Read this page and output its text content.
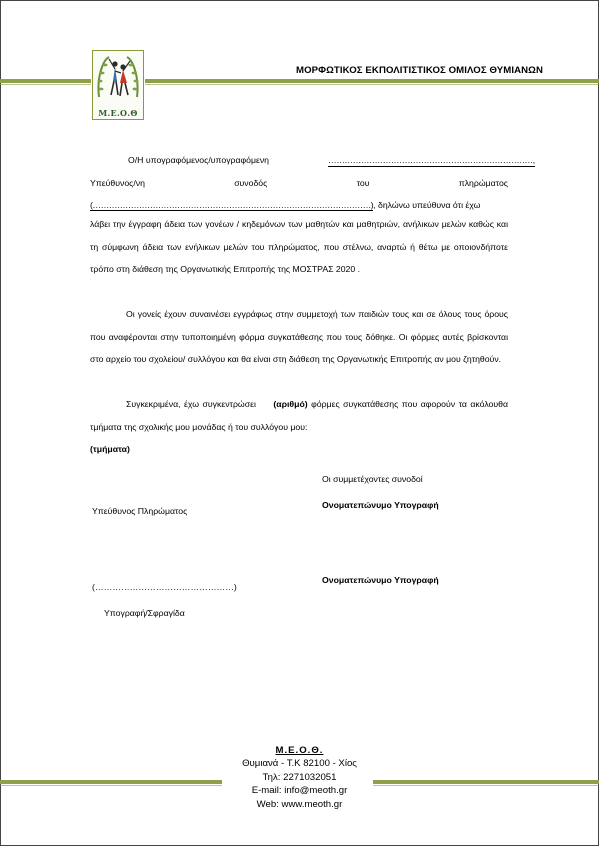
Μ.Ε.Ο.Θ
ΜΟΡΦΩΤΙΚΟΣ ΕΚΠΟΛΙΤΙΣΤΙΚΟΣ ΟΜΙΛΟΣ ΘΥΜΙΑΝΩΝ
Ο/Η υπογραφόμενος/υπογραφόμενη	…………………………………………………………………,
Υπεύθυνος/νη	συνοδός	του	πληρώματος
(…………………………………………………………………………………………), δηλώνω υπεύθυνα ότι έχω
λάβει την έγγραφη άδεια των γονέων / κηδεμόνων των μαθητών και μαθητριών, ανήλικων μελών καθώς και τη σύμφωνη άδεια των ενήλικων μελών του πληρώματος, που στέλνω, αναρτώ ή θέτω με οποιονδήποτε τρόπο στη διάθεση της Οργανωτικής Επιτροπής της ΜΟΣΤΡΑΣ 2020 .
Οι γονείς έχουν συναινέσει εγγράφως στην συμμετοχή των παιδιών τους και σε όλους τους όρους που αναφέρονται στην τυποποιημένη φόρμα συγκατάθεσης που τους δόθηκε. Οι φόρμες αυτές βρίσκονται στο αρχείο του σχολείου/ συλλόγου και θα είναι στη διάθεση της Οργανωτικής Επιτροπής αν μου ζητηθούν.
Συγκεκριμένα, έχω συγκεντρώσει (αριθμό) φόρμες συγκατάθεσης που αφορούν τα ακόλουθα τμήματα της σχολικής μου μονάδας ή του συλλόγου μου:
(τμήματα)
Οι συμμετέχοντες συνοδοί
Ονοματεπώνυμο Υπογραφή
Υπεύθυνος Πληρώματος
Ονοματεπώνυμο Υπογραφή
(…………………………………………)
Υπογραφή/Σφραγίδα
Μ.Ε.Ο.Θ.
Θυμιανά - Τ.Κ 82100 - Χίος
Τηλ: 2271032051
E-mail: info@meoth.gr
Web: www.meoth.gr
